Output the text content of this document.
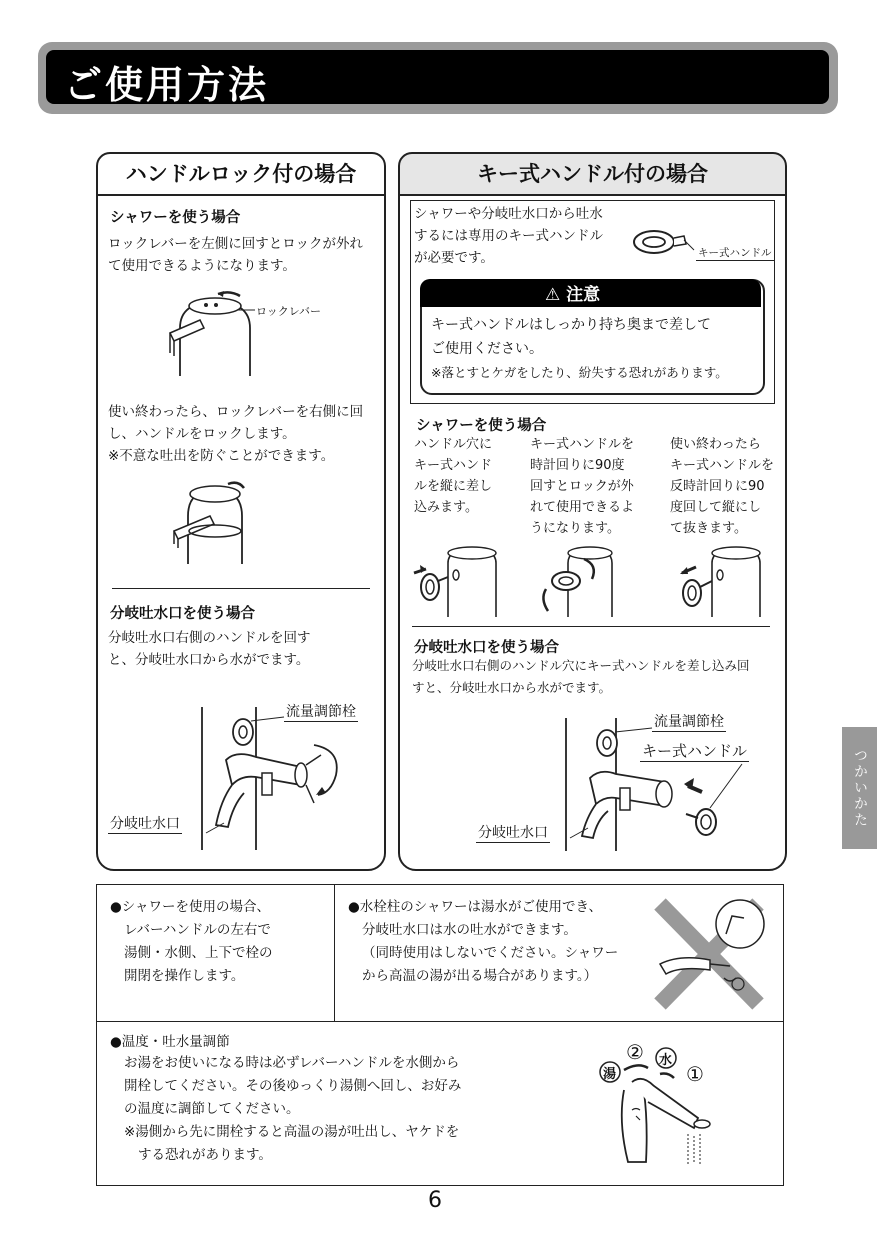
ご使用方法
ハンドルロック付の場合
シャワーを使う場合
ロックレバーを左側に回すとロックが外れ
て使用できるようになります。
ロックレバー
使い終わったら、ロックレバーを右側に回
し、ハンドルをロックします。
※不意な吐出を防ぐことができます。
分岐吐水口を使う場合
分岐吐水口右側のハンドルを回す
と、分岐吐水口から水がでます。
流量調節栓
分岐吐水口
キー式ハンドル付の場合
シャワーや分岐吐水口から吐水
するには専用のキー式ハンドル
が必要です。	キー式ハンドル
⚠ 注意
キー式ハンドルはしっかり持ち奥まで差して
ご使用ください。
※落とすとケガをしたり、紛失する恐れがあります。
シャワーを使う場合
ハンドル穴に
キー式ハンド
ルを縦に差し
込みます。
キー式ハンドルを
時計回りに90度
回すとロックが外
れて使用できるよ
うになります。
使い終わったら
キー式ハンドルを
反時計回りに90
度回して縦にし
て抜きます。
分岐吐水口を使う場合
分岐吐水口右側のハンドル穴にキー式ハンドルを差し込み回
すと、分岐吐水口から水がでます。
流量調節栓
キー式ハンドル
分岐吐水口
つかいかた
●シャワーを使用の場合、
レバーハンドルの左右で
湯側・水側、上下で栓の
開閉を操作します。
●水栓柱のシャワーは湯水がご使用でき、
分岐吐水口は水の吐水ができます。
（同時使用はしないでください。シャワー
から高温の湯が出る場合があります。）
●温度・吐水量調節
お湯をお使いになる時は必ずレバーハンドルを水側から
開栓してください。その後ゆっくり湯側へ回し、お好み
の温度に調節してください。
※湯側から先に開栓すると高温の湯が吐出し、ヤケドを
する恐れがあります。
湯
水
②
①
6
